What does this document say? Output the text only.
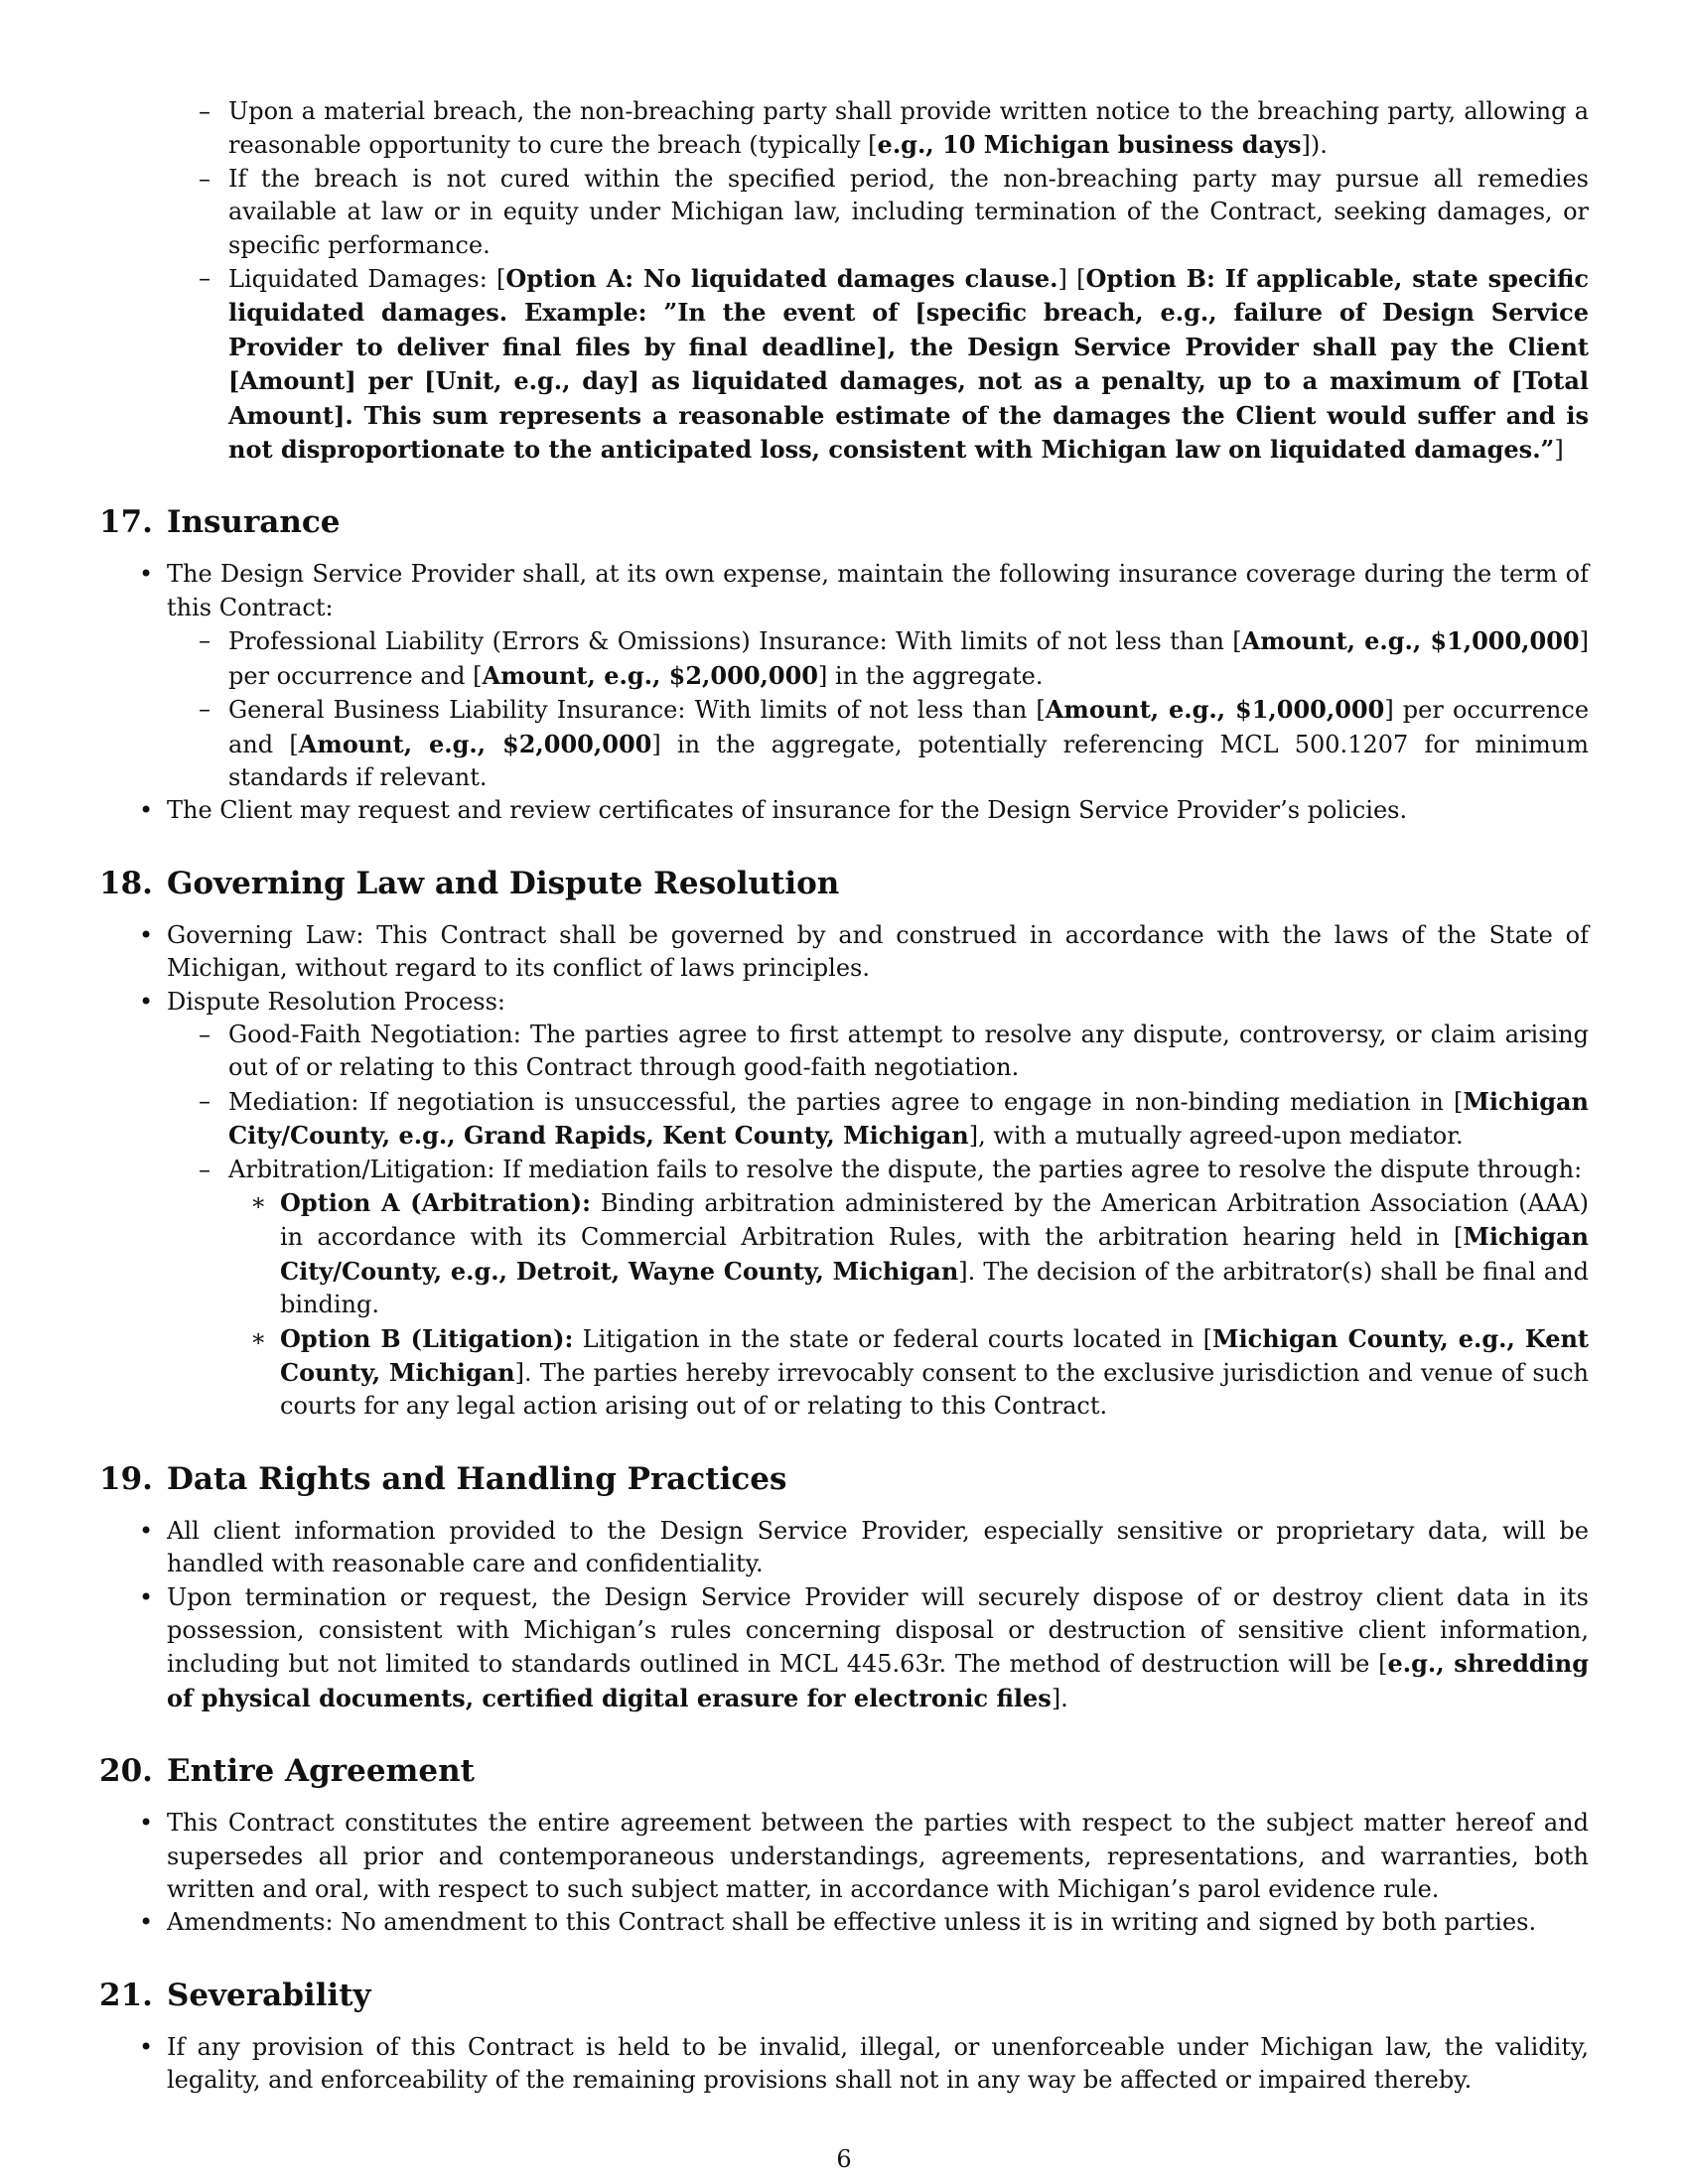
– Upon a material breach, the non-breaching party shall provide written notice to the breaching party, allowing a reasonable opportunity to cure the breach (typically [e.g., 10 Michigan business days]).
– If the breach is not cured within the specified period, the non-breaching party may pursue all remedies available at law or in equity under Michigan law, including termination of the Contract, seeking damages, or specific performance.
– Liquidated Damages: [Option A: No liquidated damages clause.] [Option B: If applicable, state specific liquidated damages. Example: ”In the event of [specific breach, e.g., failure of Design Service Provider to deliver final files by final deadline], the Design Service Provider shall pay the Client [Amount] per [Unit, e.g., day] as liquidated damages, not as a penalty, up to a maximum of [Total Amount]. This sum represents a reasonable estimate of the damages the Client would suffer and is not disproportionate to the anticipated loss, consistent with Michigan law on liquidated damages.”]
17. Insurance
• The Design Service Provider shall, at its own expense, maintain the following insurance coverage during the term of this Contract:
– Professional Liability (Errors & Omissions) Insurance: With limits of not less than [Amount, e.g., $1,000,000] per occurrence and [Amount, e.g., $2,000,000] in the aggregate.
– General Business Liability Insurance: With limits of not less than [Amount, e.g., $1,000,000] per occurrence and [Amount, e.g., $2,000,000] in the aggregate, potentially referencing MCL 500.1207 for minimum standards if relevant.
• The Client may request and review certificates of insurance for the Design Service Provider’s policies.
18. Governing Law and Dispute Resolution
• Governing Law: This Contract shall be governed by and construed in accordance with the laws of the State of Michigan, without regard to its conflict of laws principles.
• Dispute Resolution Process:
– Good-Faith Negotiation: The parties agree to first attempt to resolve any dispute, controversy, or claim arising out of or relating to this Contract through good-faith negotiation.
– Mediation: If negotiation is unsuccessful, the parties agree to engage in non-binding mediation in [Michigan City/County, e.g., Grand Rapids, Kent County, Michigan], with a mutually agreed-upon mediator.
– Arbitration/Litigation: If mediation fails to resolve the dispute, the parties agree to resolve the dispute through:
∗ Option A (Arbitration): Binding arbitration administered by the American Arbitration Association (AAA) in accordance with its Commercial Arbitration Rules, with the arbitration hearing held in [Michigan City/County, e.g., Detroit, Wayne County, Michigan]. The decision of the arbitrator(s) shall be final and binding.
∗ Option B (Litigation): Litigation in the state or federal courts located in [Michigan County, e.g., Kent County, Michigan]. The parties hereby irrevocably consent to the exclusive jurisdiction and venue of such courts for any legal action arising out of or relating to this Contract.
19. Data Rights and Handling Practices
• All client information provided to the Design Service Provider, especially sensitive or proprietary data, will be handled with reasonable care and confidentiality.
• Upon termination or request, the Design Service Provider will securely dispose of or destroy client data in its possession, consistent with Michigan’s rules concerning disposal or destruction of sensitive client information, including but not limited to standards outlined in MCL 445.63r. The method of destruction will be [e.g., shredding of physical documents, certified digital erasure for electronic files].
20. Entire Agreement
• This Contract constitutes the entire agreement between the parties with respect to the subject matter hereof and supersedes all prior and contemporaneous understandings, agreements, representations, and warranties, both written and oral, with respect to such subject matter, in accordance with Michigan’s parol evidence rule.
• Amendments: No amendment to this Contract shall be effective unless it is in writing and signed by both parties.
21. Severability
• If any provision of this Contract is held to be invalid, illegal, or unenforceable under Michigan law, the validity, legality, and enforceability of the remaining provisions shall not in any way be affected or impaired thereby.
6
